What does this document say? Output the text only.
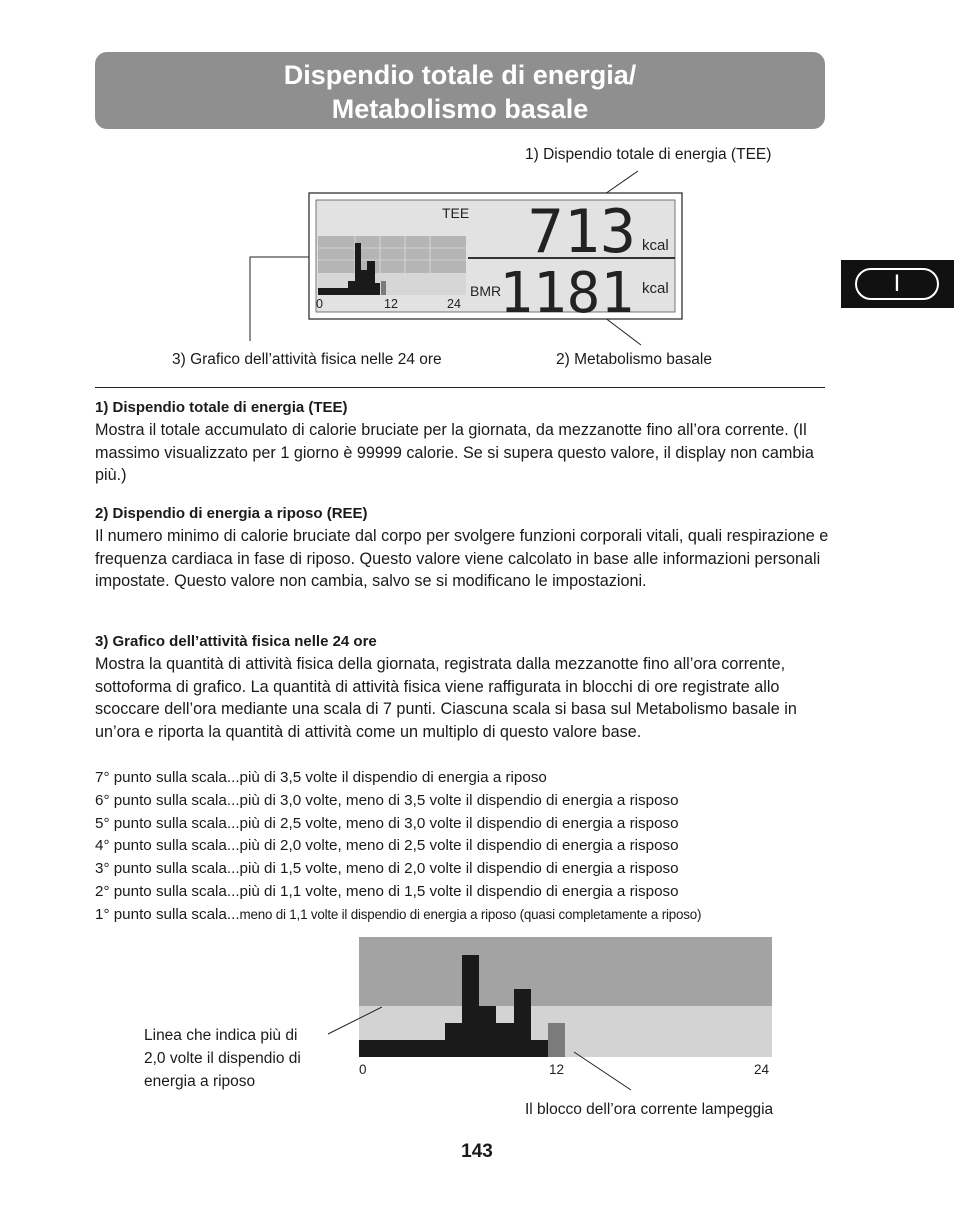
Dispendio totale di energia/
Metabolismo basale
I
1) Dispendio totale di energia (TEE)
3) Grafico dell’attività fisica nelle 24 ore	2) Metabolismo basale
0	12	24
TEE
BMR
kcal
kcal
713
1181
1) Dispendio totale di energia (TEE)

Mostra il totale accumulato di calorie bruciate per la giornata, da mezzanotte fino all’ora corrente. (Il massimo visualizzato per 1 giorno è 99999 calorie. Se si supera questo valore, il display non cambia più.)

2) Dispendio di energia a riposo (REE)

Il numero minimo di calorie bruciate dal corpo per svolgere funzioni corporali vitali, quali respirazione e frequenza cardiaca in fase di riposo. Questo valore viene calcolato in base alle informazioni personali impostate. Questo valore non cambia, salvo se si modificano le impostazioni.

3) Grafico dell’attività fisica nelle 24 ore

Mostra la quantità di attività fisica della giornata, registrata dalla mezzanotte fino all’ora corrente, sottoforma di grafico. La quantità di attività fisica viene raffigurata in blocchi di ore registrate allo scoccare dell’ora mediante una scala di 7 punti. Ciascuna scala si basa sul Metabolismo basale in un’ora e riporta la quantità di attività come un multiplo di questo valore base.

7° punto sulla scala...più di 3,5 volte il dispendio di energia a riposo
6° punto sulla scala...più di 3,0 volte, meno di 3,5 volte il dispendio di energia a risposo
5° punto sulla scala...più di 2,5 volte, meno di 3,0 volte il dispendio di energia a risposo
4° punto sulla scala...più di 2,0 volte, meno di 2,5 volte il dispendio di energia a risposo
3° punto sulla scala...più di 1,5 volte, meno di 2,0 volte il dispendio di energia a risposo
2° punto sulla scala...più di 1,1 volte, meno di 1,5 volte il dispendio di energia a risposo
1° punto sulla scala...meno di 1,1 volte il dispendio di energia a riposo (quasi completamente a riposo)
0	12	24
Linea che indica più di
2,0 volte il dispendio di
energia a riposo
Il blocco dell’ora corrente lampeggia
143
